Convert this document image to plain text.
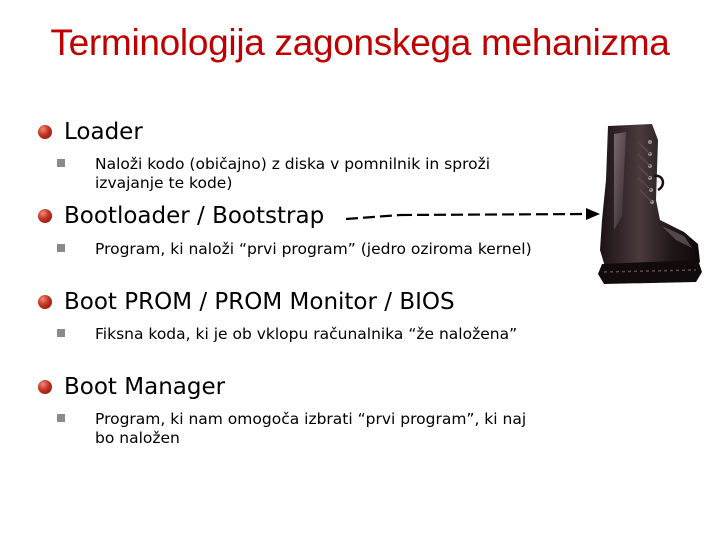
Terminologija zagonskega mehanizma
Loader
Naloži kodo (običajno) z diska v pomnilnik in sproži izvajanje te kode)
Bootloader / Bootstrap
Program, ki naloži “prvi program” (jedro oziroma kernel)
Boot PROM / PROM Monitor / BIOS
Fiksna koda, ki je ob vklopu računalnika “že naložena”
Boot Manager
Program, ki nam omogoča izbrati “prvi program”, ki naj bo naložen
